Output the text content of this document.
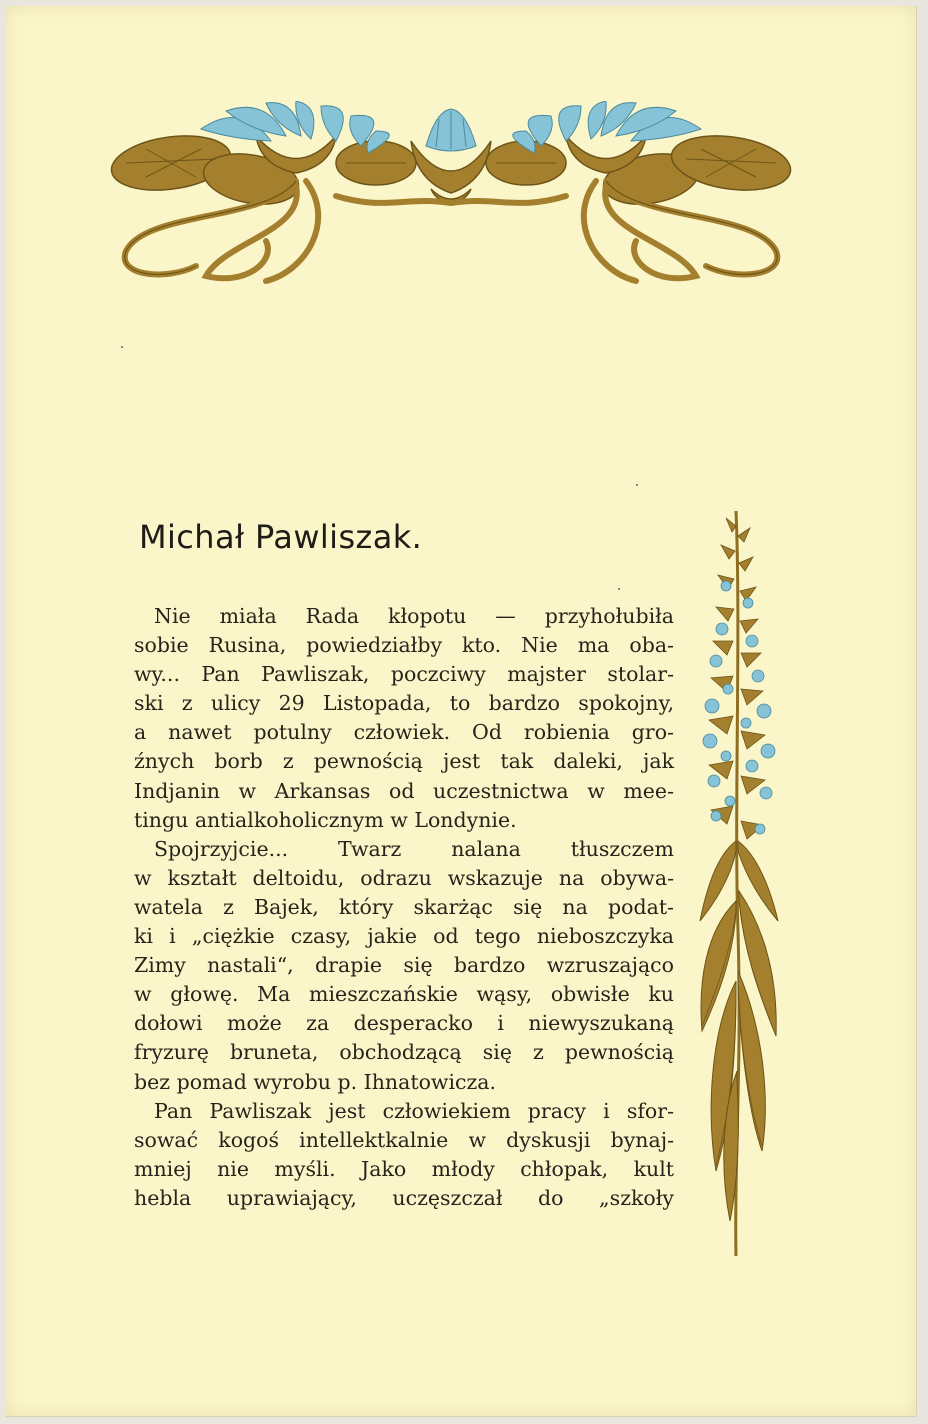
Michał Pawliszak.
Nie miała Rada kłopotu — przyhołubiła
sobie Rusina, powiedziałby kto. Nie ma oba-
wy... Pan Pawliszak, poczciwy majster stolar-
ski z ulicy 29 Listopada, to bardzo spokojny,
a nawet potulny człowiek. Od robienia gro-
źnych borb z pewnością jest tak daleki, jak
Indjanin w Arkansas od uczestnictwa w mee-
tingu antialkoholicznym w Londynie.
Spojrzyjcie... Twarz nalana tłuszczem
w kształt deltoidu, odrazu wskazuje na obywa-
watela z Bajek, który skarżąc się na podat-
ki i „ciężkie czasy, jakie od tego nieboszczyka
Zimy nastali“, drapie się bardzo wzruszająco
w głowę. Ma mieszczańskie wąsy, obwisłe ku
dołowi może za desperacko i niewyszukaną
fryzurę bruneta, obchodzącą się z pewnością
bez pomad wyrobu p. Ihnatowicza.
Pan Pawliszak jest człowiekiem pracy i sfor-
sować kogoś intellektkalnie w dyskusji bynaj-
mniej nie myśli. Jako młody chłopak, kult
hebla uprawiający, uczęszczał do „szkoły
